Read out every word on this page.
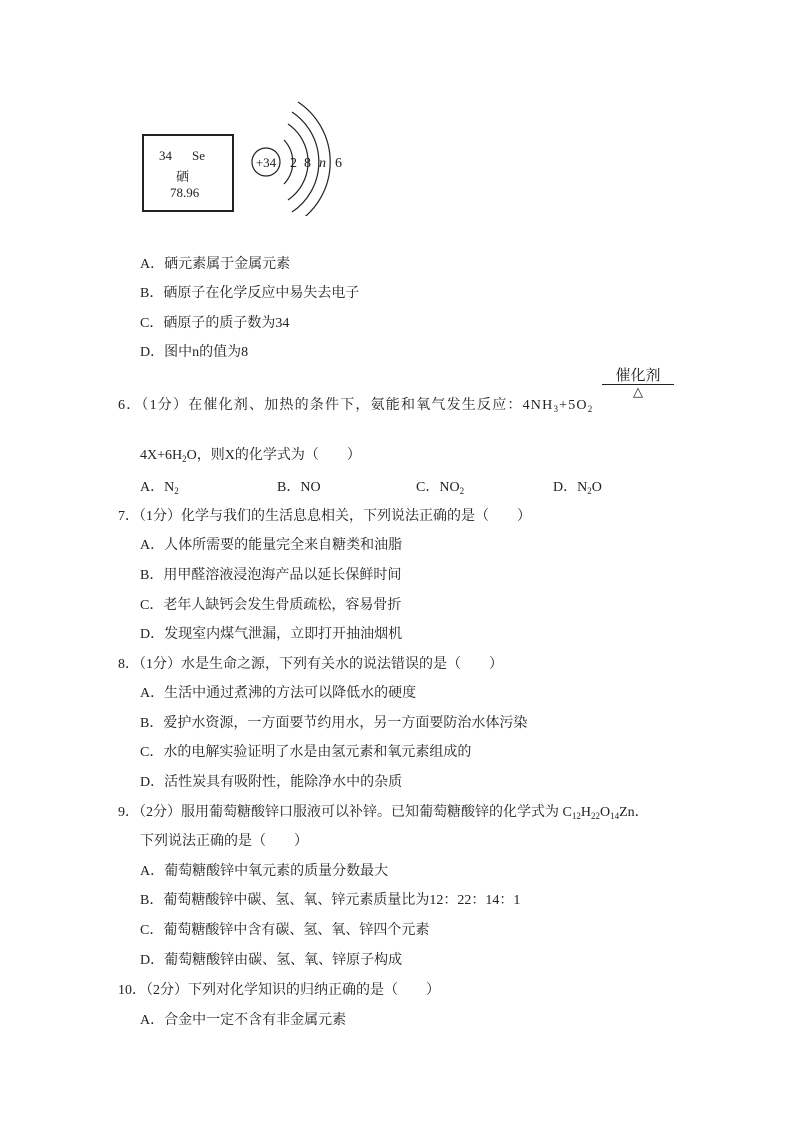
34 Se
硒
78.96
+34 2 8 n 6
A．硒元素属于金属元素
B．硒原子在化学反应中易失去电子
C．硒原子的质子数为34
D．图中n的值为8
6．（1分）在催化剂、加热的条件下，氨能和氧气发生反应：$4NH_3+5O_2$
催化剂
△
$4X+6H_2O$，则X的化学式为（　　）
A．$N_2$	B．NO	C．$NO_2$	D．$N_2O$
7．（1分）化学与我们的生活息息相关，下列说法正确的是（　　）
A．人体所需要的能量完全来自糖类和油脂
B．用甲醛溶液浸泡海产品以延长保鲜时间
C．老年人缺钙会发生骨质疏松，容易骨折
D．发现室内煤气泄漏，立即打开抽油烟机
8．（1分）水是生命之源，下列有关水的说法错误的是（　　）
A．生活中通过煮沸的方法可以降低水的硬度
B．爱护水资源，一方面要节约用水，另一方面要防治水体污染
C．水的电解实验证明了水是由氢元素和氧元素组成的
D．活性炭具有吸附性，能除净水中的杂质
9．（2分）服用葡萄糖酸锌口服液可以补锌。已知葡萄糖酸锌的化学式为 $C_{12}H_{22}O_{14}Zn$．
下列说法正确的是（　　）
A．葡萄糖酸锌中氧元素的质量分数最大
B．葡萄糖酸锌中碳、氢、氧、锌元素质量比为12：22：14：1
C．葡萄糖酸锌中含有碳、氢、氧、锌四个元素
D．葡萄糖酸锌由碳、氢、氧、锌原子构成
10．（2分）下列对化学知识的归纳正确的是（　　）
A．合金中一定不含有非金属元素
